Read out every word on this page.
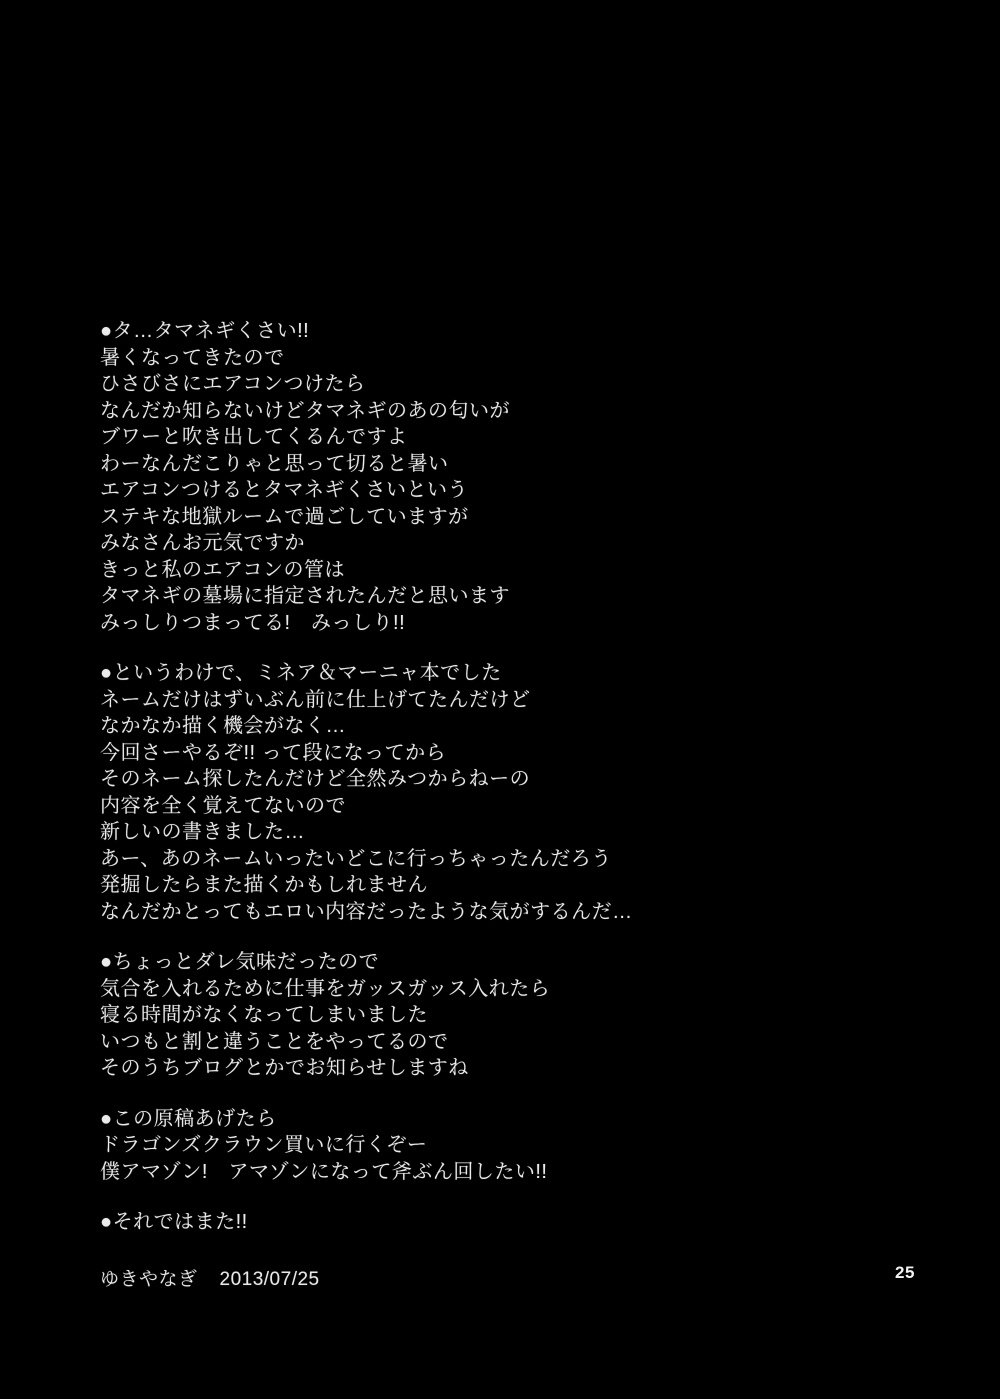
●タ…タマネギくさい!!
暑くなってきたので
ひさびさにエアコンつけたら
なんだか知らないけどタマネギのあの匂いが
ブワーと吹き出してくるんですよ
わーなんだこりゃと思って切ると暑い
エアコンつけるとタマネギくさいという
ステキな地獄ルームで過ごしていますが
みなさんお元気ですか
きっと私のエアコンの管は
タマネギの墓場に指定されたんだと思います
みっしりつまってる!　みっしり!!
●というわけで、ミネア＆マーニャ本でした
ネームだけはずいぶん前に仕上げてたんだけど
なかなか描く機会がなく…
今回さーやるぞ!! って段になってから
そのネーム探したんだけど全然みつからねーの
内容を全く覚えてないので
新しいの書きました…
あー、あのネームいったいどこに行っちゃったんだろう
発掘したらまた描くかもしれません
なんだかとってもエロい内容だったような気がするんだ…
●ちょっとダレ気味だったので
気合を入れるために仕事をガッスガッス入れたら
寝る時間がなくなってしまいました
いつもと割と違うことをやってるので
そのうちブログとかでお知らせしますね
●この原稿あげたら
ドラゴンズクラウン買いに行くぞー
僕アマゾン!　アマゾンになって斧ぶん回したい!!
●それではまた!!
ゆきやなぎ 2013/07/25	25
